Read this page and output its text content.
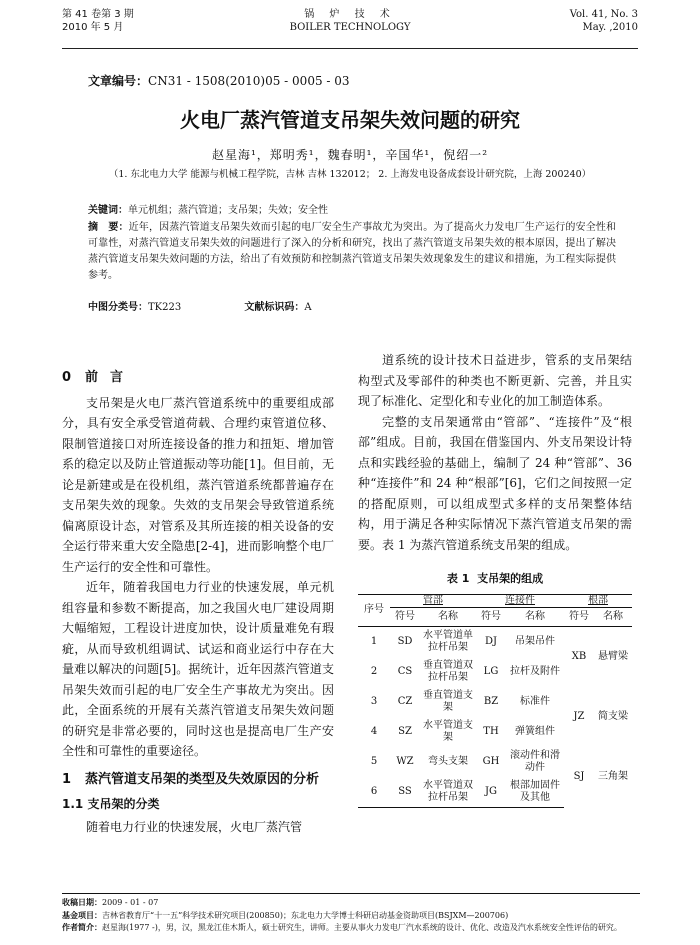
第 41 卷第 3 期
2010 年 5 月
锅 炉 技 术
BOILER TECHNOLOGY
Vol. 41, No. 3
May. ,2010
文章编号：CN31 - 1508(2010)05 - 0005 - 03
火电厂蒸汽管道支吊架失效问题的研究
赵星海¹，郑明秀¹，魏春明¹，辛国华¹，倪绍一²
（1. 东北电力大学 能源与机械工程学院，吉林 吉林 132012； 2. 上海发电设备成套设计研究院，上海 200240）
关键词：单元机组；蒸汽管道；支吊架；失效；安全性
摘　要：近年，因蒸汽管道支吊架失效而引起的电厂安全生产事故尤为突出。为了提高火力发电厂生产运行的安全性和可靠性，对蒸汽管道支吊架失效的问题进行了深入的分析和研究，找出了蒸汽管道支吊架失效的根本原因，提出了解决蒸汽管道支吊架失效问题的方法，给出了有效预防和控制蒸汽管道支吊架失效现象发生的建议和措施，为工程实际提供参考。
中图分类号：TK223	文献标识码：A
0 前言

支吊架是火电厂蒸汽管道系统中的重要组成部分，具有安全承受管道荷载、合理约束管道位移、限制管道接口对所连接设备的推力和扭矩、增加管系的稳定以及防止管道振动等功能[1]。但目前，无论是新建或是在役机组，蒸汽管道系统都普遍存在支吊架失效的现象。失效的支吊架会导致管道系统偏离原设计态，对管系及其所连接的相关设备的安全运行带来重大安全隐患[2-4]，进而影响整个电厂生产运行的安全性和可靠性。

近年，随着我国电力行业的快速发展，单元机组容量和参数不断提高，加之我国火电厂建设周期大幅缩短，工程设计进度加快，设计质量难免有瑕疵，从而导致机组调试、试运和商业运行中存在大量难以解决的问题[5]。据统计，近年因蒸汽管道支吊架失效而引起的电厂安全生产事故尤为突出。因此，全面系统的开展有关蒸汽管道支吊架失效问题的研究是非常必要的，同时这也是提高电厂生产安全性和可靠性的重要途径。

1 蒸汽管道支吊架的类型及失效原因的分析
1.1 支吊架的分类

随着电力行业的快速发展，火电厂蒸汽管

道系统的设计技术日益进步，管系的支吊架结构型式及零部件的种类也不断更新、完善，并且实现了标准化、定型化和专业化的加工制造体系。

完整的支吊架通常由“管部”、“连接件”及“根部”组成。目前，我国在借鉴国内、外支吊架设计特点和实践经验的基础上，编制了 24 种“管部”、36 种“连接件”和 24 种“根部”[6]，它们之间按照一定的搭配原则，可以组成型式多样的支吊架整体结构，用于满足各种实际情况下蒸汽管道支吊架的需要。表 1 为蒸汽管道系统支吊架的组成。

表 1 支吊架的组成
序号	管部		连接件		根部	
	符号	名称	符号	名称	符号	名称
1	SD	水平管道单拉杆吊架	DJ	吊架吊件	XB	悬臂梁
2	CS	垂直管道双拉杆吊架	LG	拉杆及附件		
3	CZ	垂直管道支架	BZ	标准件	JZ	简支梁
4	SZ	水平管道支架	TH	弹簧组件		
5	WZ	弯头支架	GH	滚动件和滑动件	SJ	三角架
6	SS	水平管道双拉杆吊架	JG	根部加固件及其他		
收稿日期：2009 - 01 - 07
基金项目：吉林省教育厅“十一五”科学技术研究项目(200850)；东北电力大学博士科研启动基金资助项目(BSJXM—200706)
作者简介：赵星海(1977 -)，男，汉，黑龙江佳木斯人，硕士研究生，讲师。主要从事火力发电厂汽水系统的设计、优化、改造及汽水系统安全性评估的研究。
